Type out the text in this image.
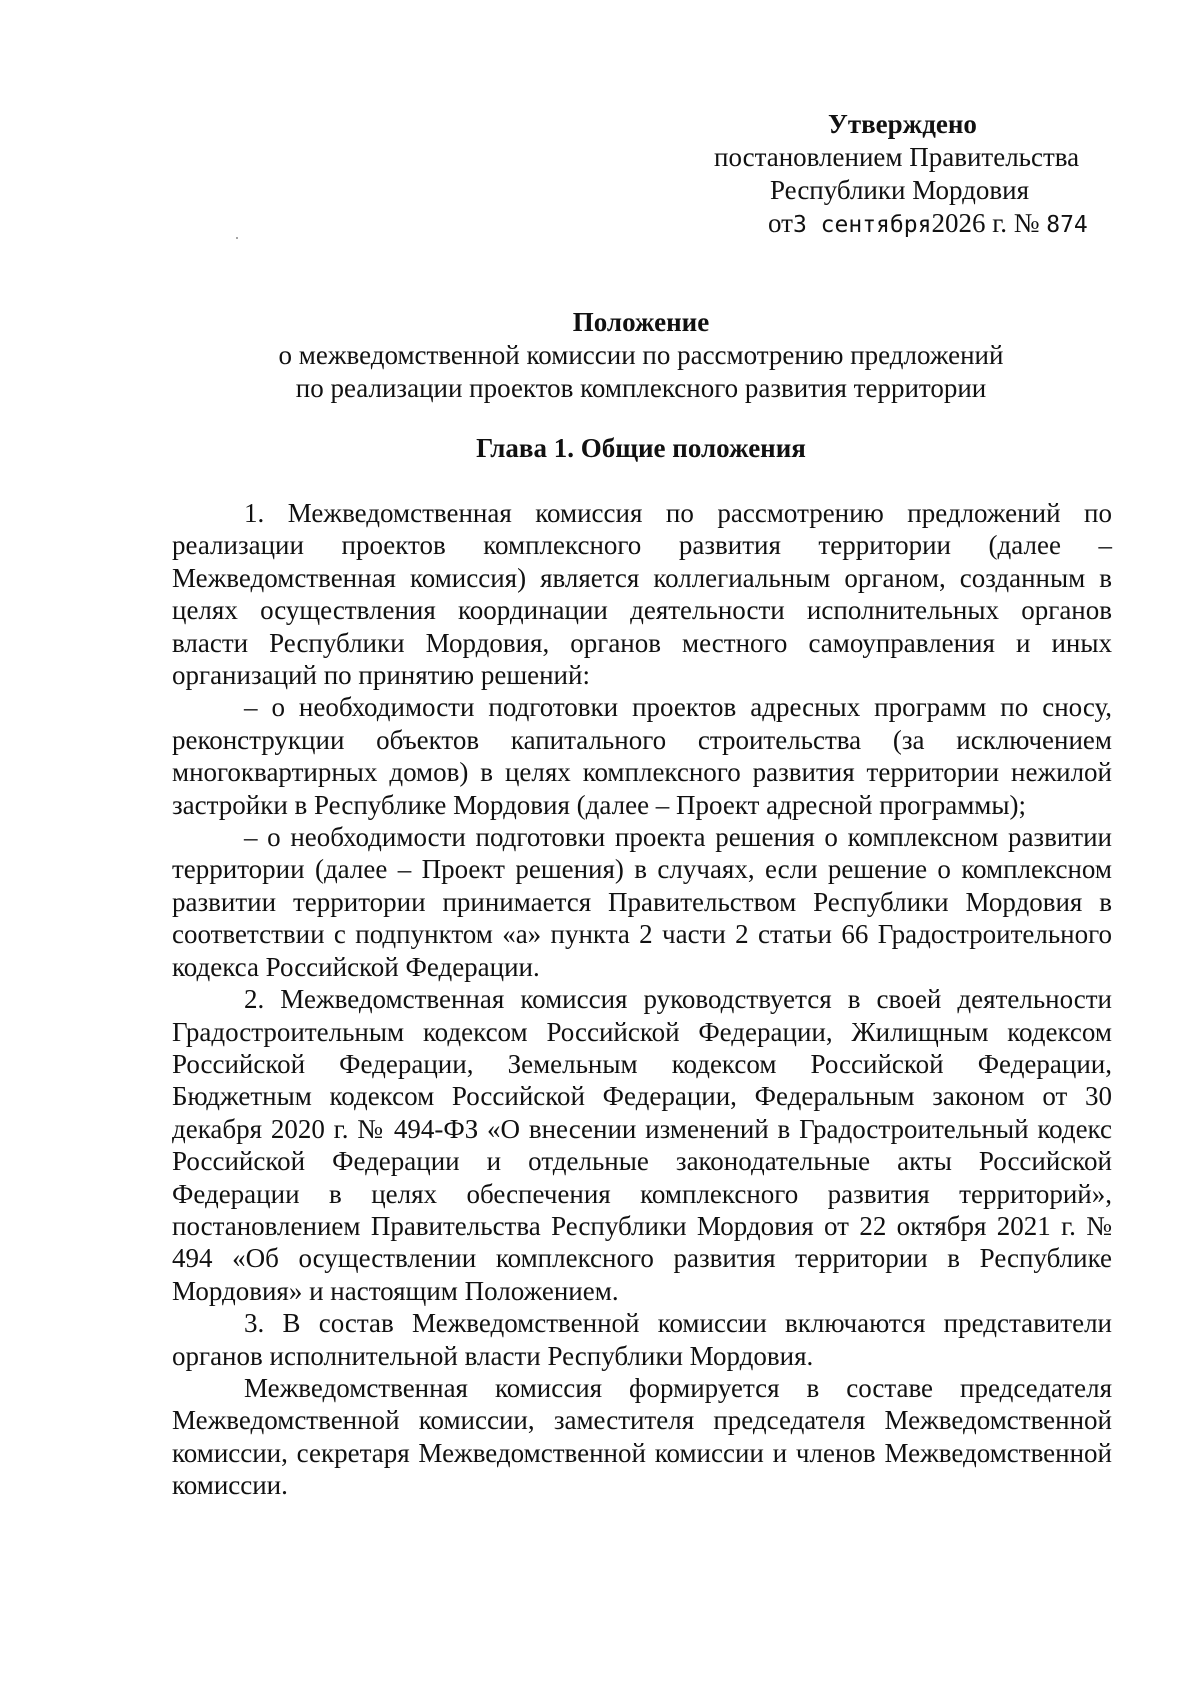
Утверждено
постановлением Правительства
Республики Мордовия
от3 сентября2026 г. № 874
Положение
о межведомственной комиссии по рассмотрению предложений
по реализации проектов комплексного развития территории
Глава 1. Общие положения

1. Межведомственная комиссия по рассмотрению предложений по реализации проектов комплексного развития территории (далее – Межведомственная комиссия) является коллегиальным органом, созданным в целях осуществления координации деятельности исполнительных органов власти Республики Мордовия, органов местного самоуправления и иных организаций по принятию решений:

– о необходимости подготовки проектов адресных программ по сносу, реконструкции объектов капитального строительства (за исключением многоквартирных домов) в целях комплексного развития территории нежилой застройки в Республике Мордовия (далее – Проект адресной программы);

– о необходимости подготовки проекта решения о комплексном развитии территории (далее – Проект решения) в случаях, если решение о комплексном развитии территории принимается Правительством Республики Мордовия в соответствии с подпунктом «а» пункта 2 части 2 статьи 66 Градостроительного кодекса Российской Федерации.

2. Межведомственная комиссия руководствуется в своей деятельности Градостроительным кодексом Российской Федерации, Жилищным кодексом Российской Федерации, Земельным кодексом Российской Федерации, Бюджетным кодексом Российской Федерации, Федеральным законом от 30 декабря 2020 г. № 494-ФЗ «О внесении изменений в Градостроительный кодекс Российской Федерации и отдельные законодательные акты Российской Федерации в целях обеспечения комплексного развития территорий», постановлением Правительства Республики Мордовия от 22 октября 2021 г. № 494 «Об осуществлении комплексного развития территории в Республике Мордовия» и настоящим Положением.

3. В состав Межведомственной комиссии включаются представители органов исполнительной власти Республики Мордовия.

Межведомственная комиссия формируется в составе председателя Межведомственной комиссии, заместителя председателя Межведомственной комиссии, секретаря Межведомственной комиссии и членов Межведомственной комиссии.
